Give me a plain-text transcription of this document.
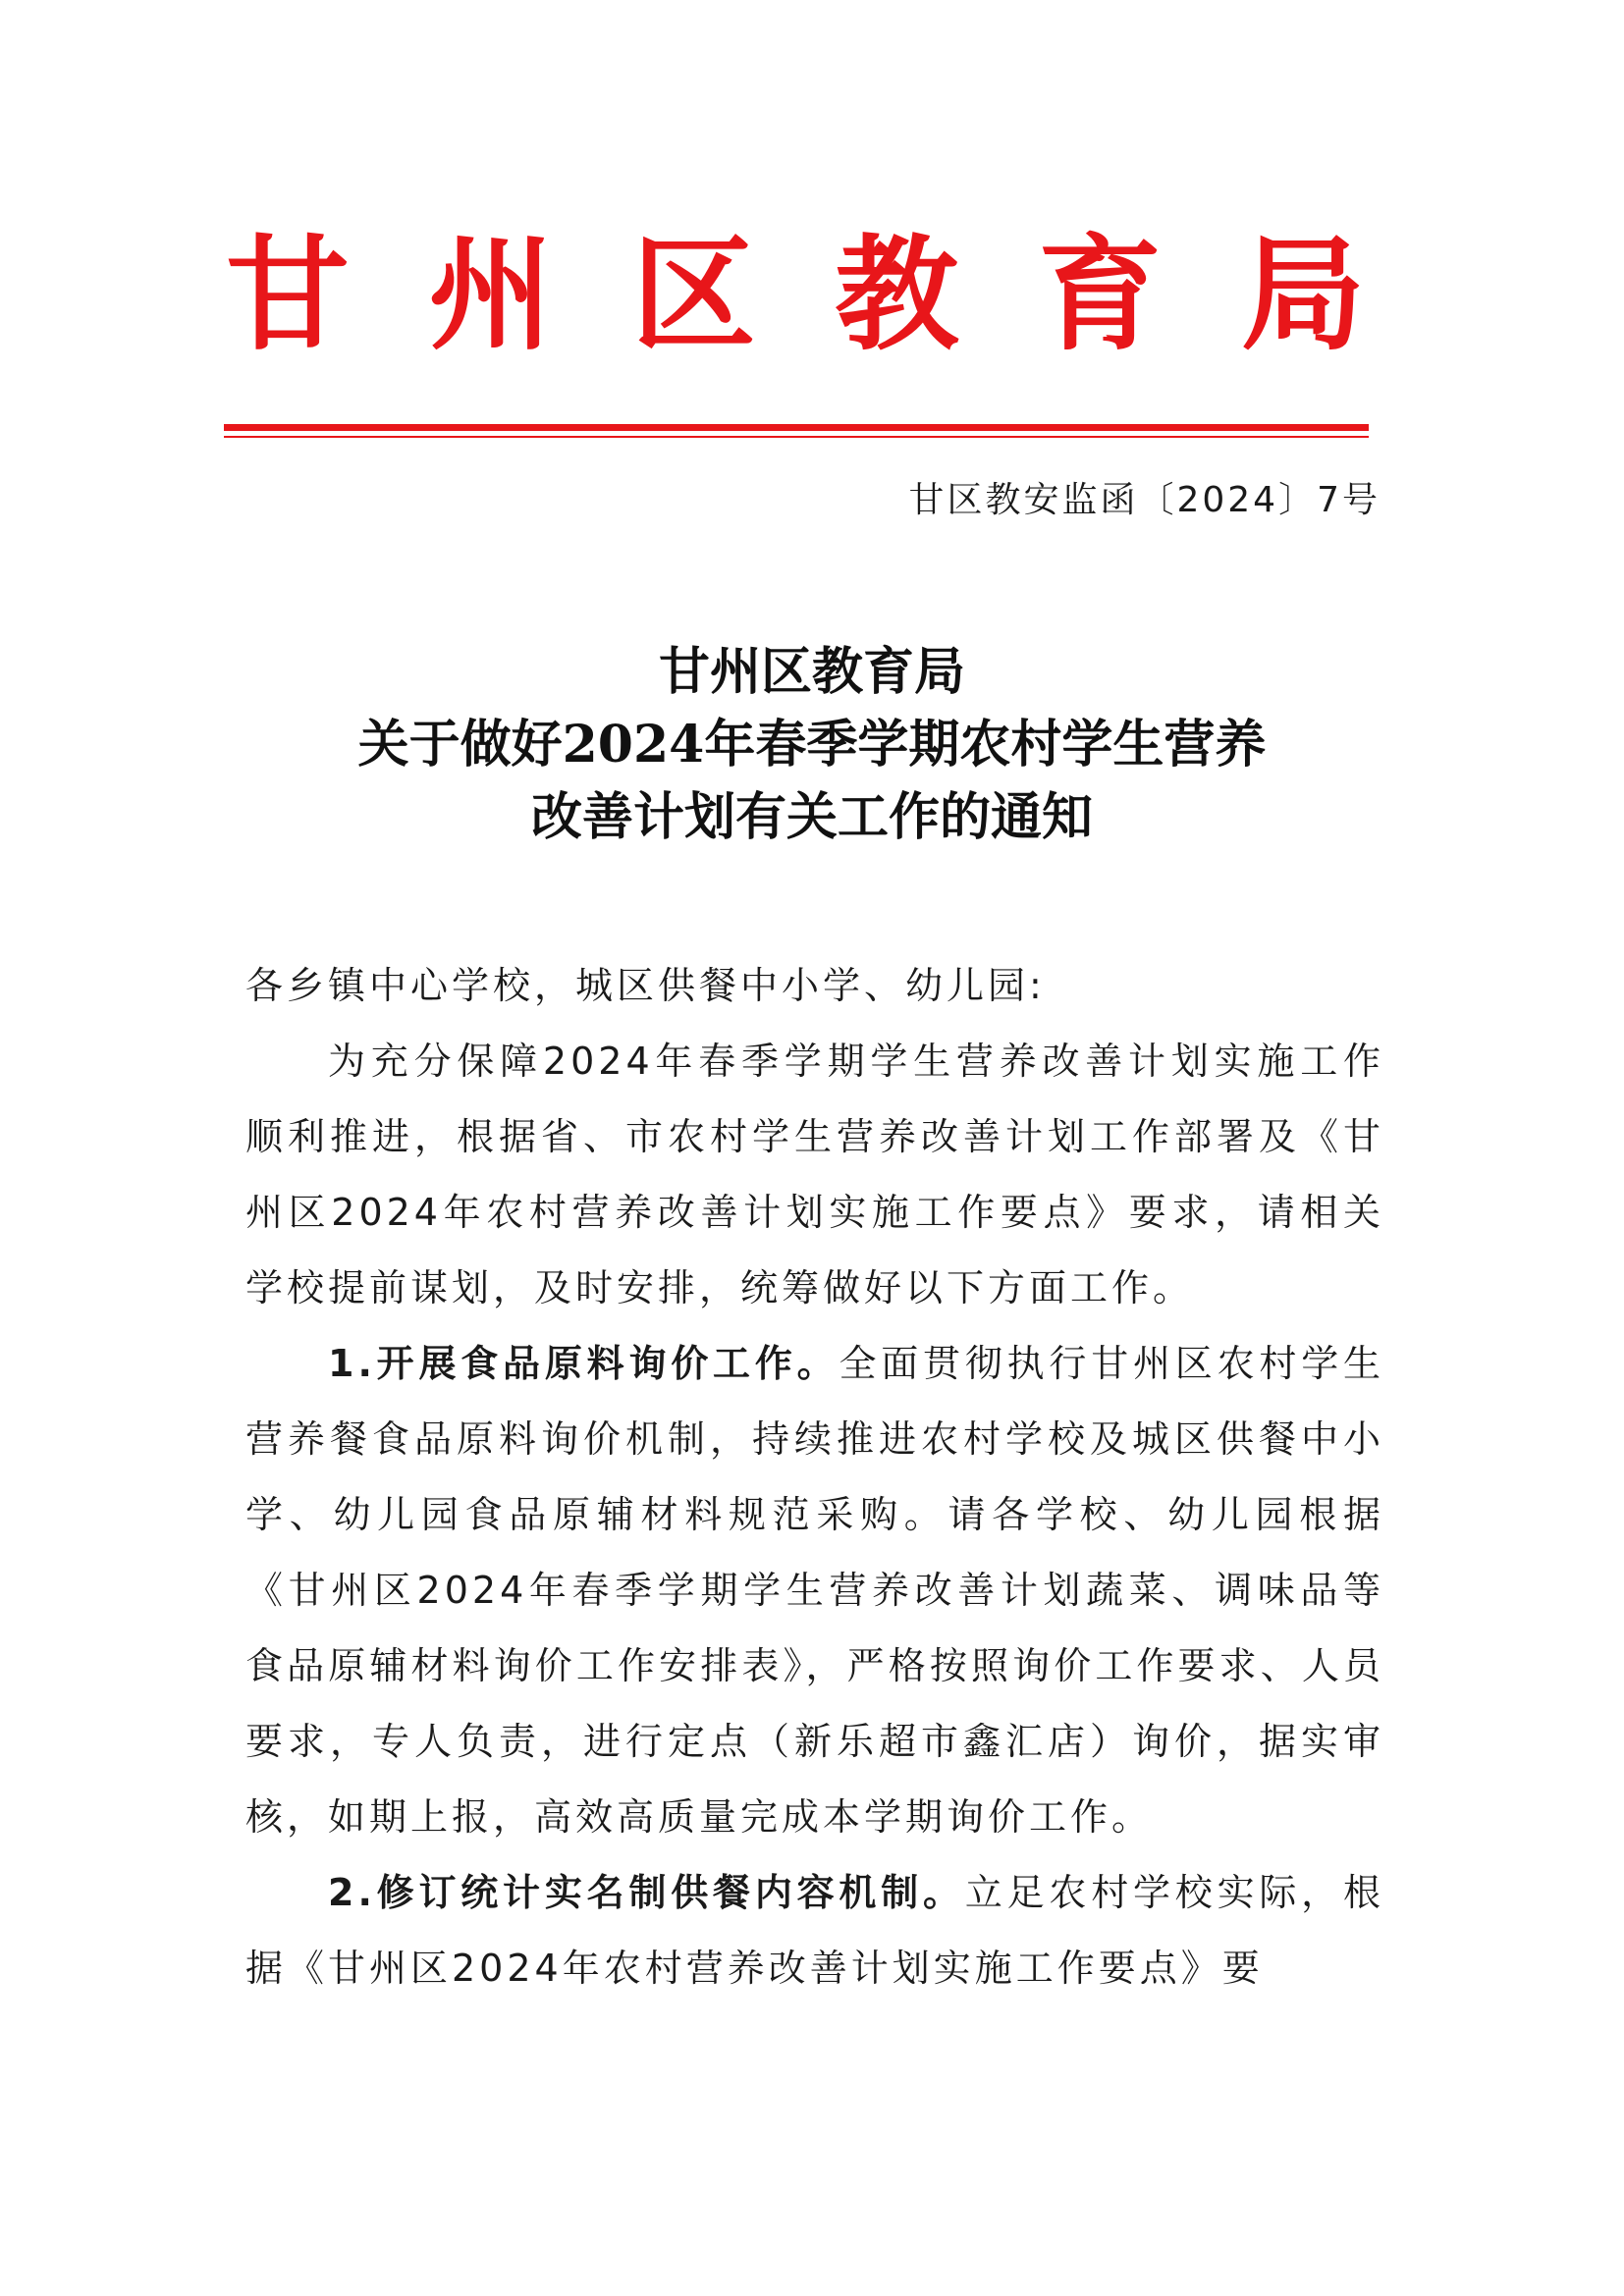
甘 州 区 教 育 局
甘区教安监函〔2024〕7号
甘州区教育局
关于做好2024年春季学期农村学生营养
改善计划有关工作的通知

各乡镇中心学校，城区供餐中小学、幼儿园:

为充分保障2024年春季学期学生营养改善计划实施工作顺利推进，根据省、市农村学生营养改善计划工作部署及《甘州区2024年农村营养改善计划实施工作要点》要求，请相关学校提前谋划，及时安排，统筹做好以下方面工作。

1.开展食品原料询价工作。全面贯彻执行甘州区农村学生营养餐食品原料询价机制，持续推进农村学校及城区供餐中小学、幼儿园食品原辅材料规范采购。请各学校、幼儿园根据《甘州区2024年春季学期学生营养改善计划蔬菜、调味品等食品原辅材料询价工作安排表》，严格按照询价工作要求、人员要求，专人负责，进行定点（新乐超市鑫汇店）询价，据实审核，如期上报，高效高质量完成本学期询价工作。

2.修订统计实名制供餐内容机制。立足农村学校实际，根据《甘州区2024年农村营养改善计划实施工作要点》要
